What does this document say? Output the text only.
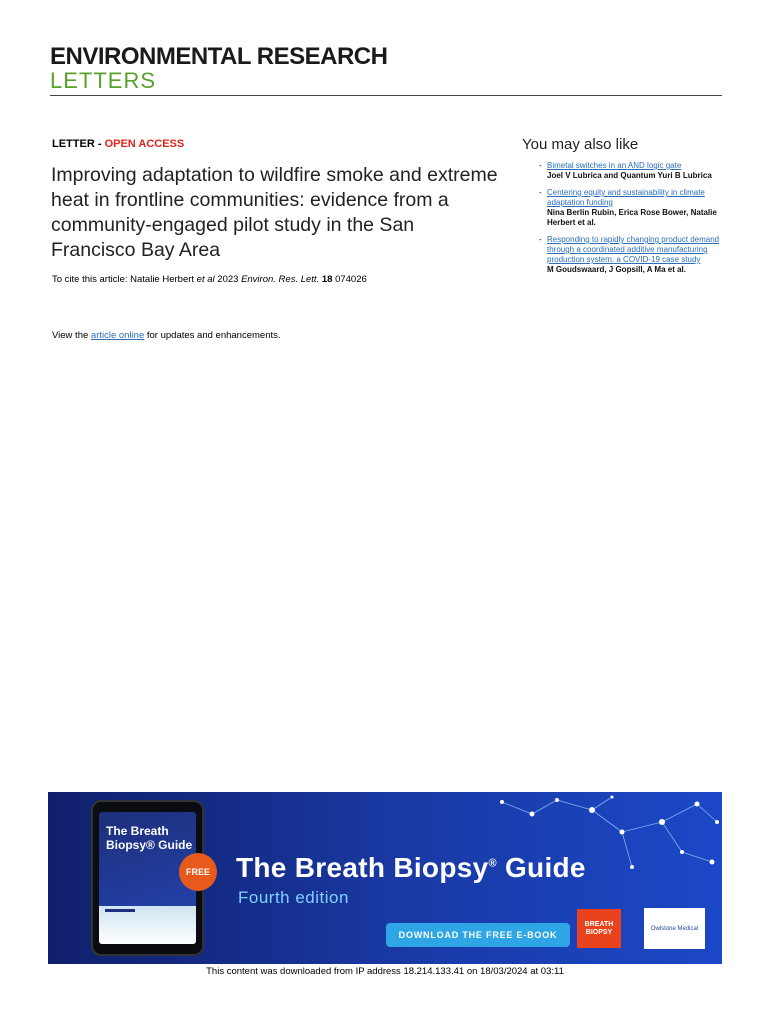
ENVIRONMENTAL RESEARCH
LETTERS
LETTER - OPEN ACCESS
Improving adaptation to wildfire smoke and extreme heat in frontline communities: evidence from a community-engaged pilot study in the San Francisco Bay Area
To cite this article: Natalie Herbert et al 2023 Environ. Res. Lett. 18 074026
View the article online for updates and enhancements.
You may also like
- Bimetal switches in an AND logic gate
Joel V Lubrica and Quantum Yuri B Lubrica
- Centering equity and sustainability in climate adaptation funding
Nina Berlin Rubin, Erica Rose Bower, Natalie Herbert et al.
- Responding to rapidly changing product demand through a coordinated additive manufacturing production system: a COVID-19 case study
M Goudswaard, J Gopsill, A Ma et al.
The Breath Biopsy® Guide
FREE The Breath Biopsy® Guide
Fourth edition
DOWNLOAD THE FREE E-BOOK
BREATH BIOPSY	Owlstone Medical
This content was downloaded from IP address 18.214.133.41 on 18/03/2024 at 03:11
